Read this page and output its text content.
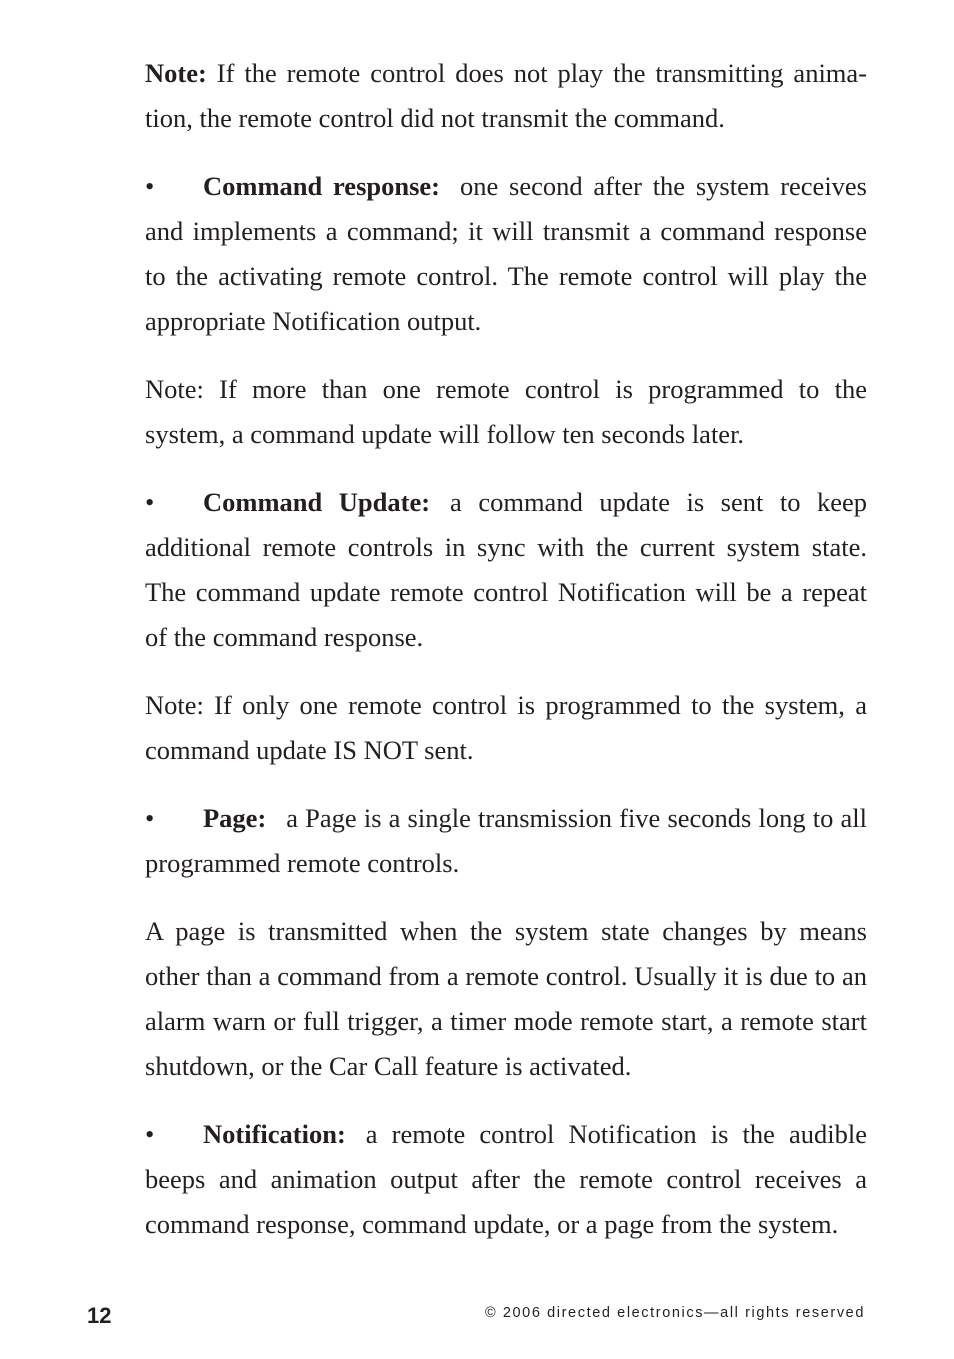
Note: If the remote control does not play the transmitting animation, the remote control did not transmit the command.

• Command response: one second after the system receives and implements a command; it will transmit a command response to the activating remote control. The remote control will play the appropriate Notification output.

Note: If more than one remote control is programmed to the system, a command update will follow ten seconds later.

• Command Update: a command update is sent to keep additional remote controls in sync with the current system state. The command update remote control Notification will be a repeat of the command response.

Note: If only one remote control is programmed to the system, a command update IS NOT sent.

• Page: a Page is a single transmission five seconds long to all programmed remote controls.

A page is transmitted when the system state changes by means other than a command from a remote control. Usually it is due to an alarm warn or full trigger, a timer mode remote start, a remote start shutdown, or the Car Call feature is activated.

• Notification: a remote control Notification is the audible beeps and animation output after the remote control receives a command response, command update, or a page from the system.

12	© 2006 directed electronics—all rights reserved
